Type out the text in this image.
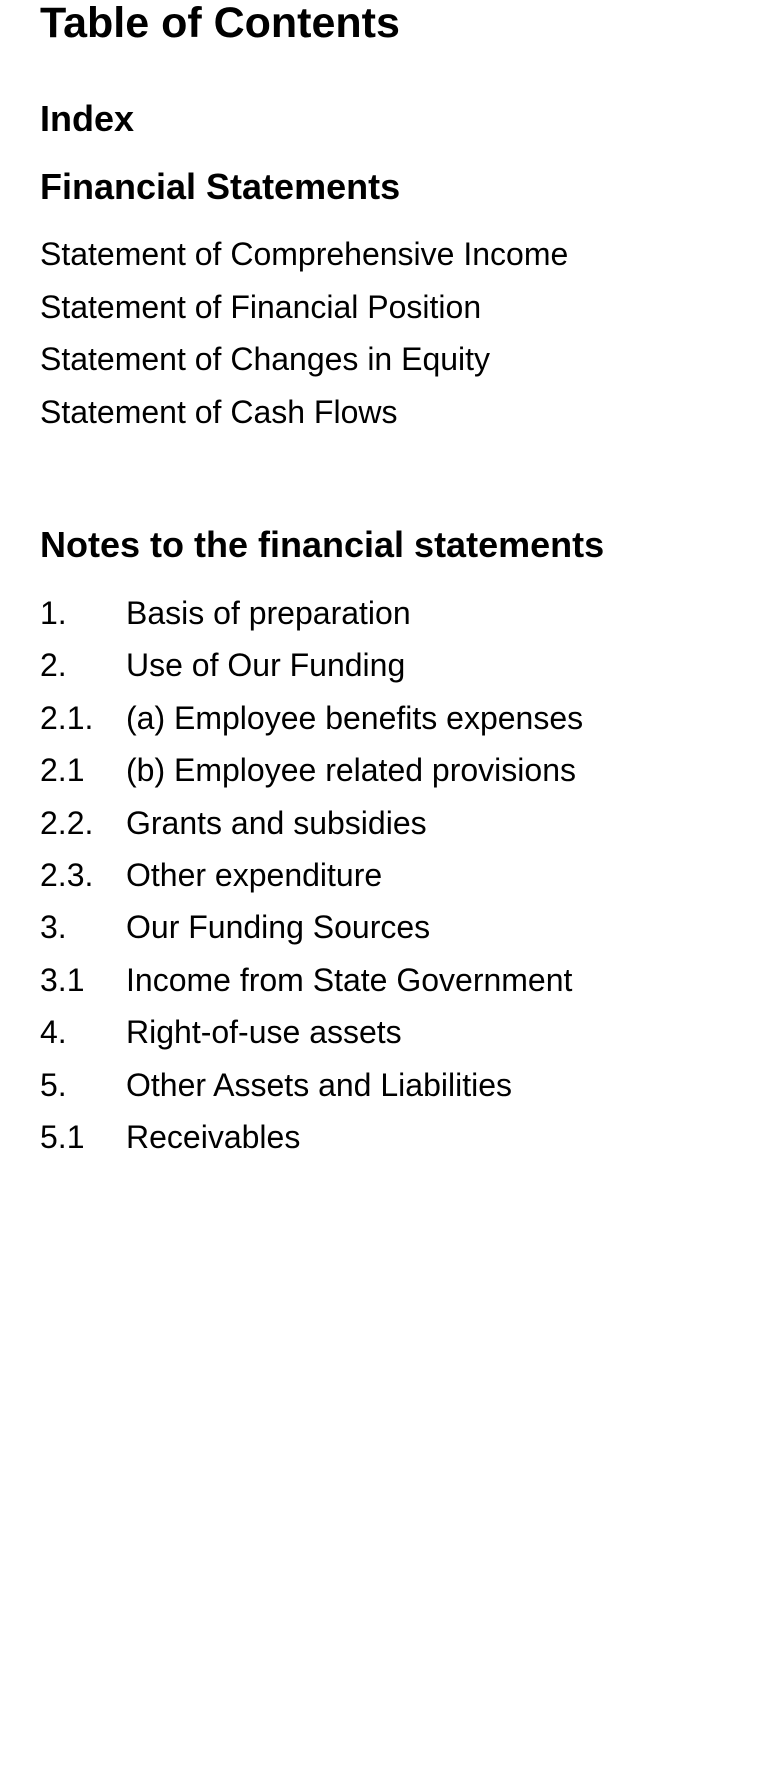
Table of Contents
Index
Financial Statements
Statement of Comprehensive Income
Statement of Financial Position
Statement of Changes in Equity
Statement of Cash Flows
Notes to the financial statements
1. Basis of preparation
2. Use of Our Funding
2.1. (a) Employee benefits expenses
2.1 (b) Employee related provisions
2.2. Grants and subsidies
2.3. Other expenditure
3. Our Funding Sources
3.1 Income from State Government
4. Right-of-use assets
5. Other Assets and Liabilities
5.1 Receivables
